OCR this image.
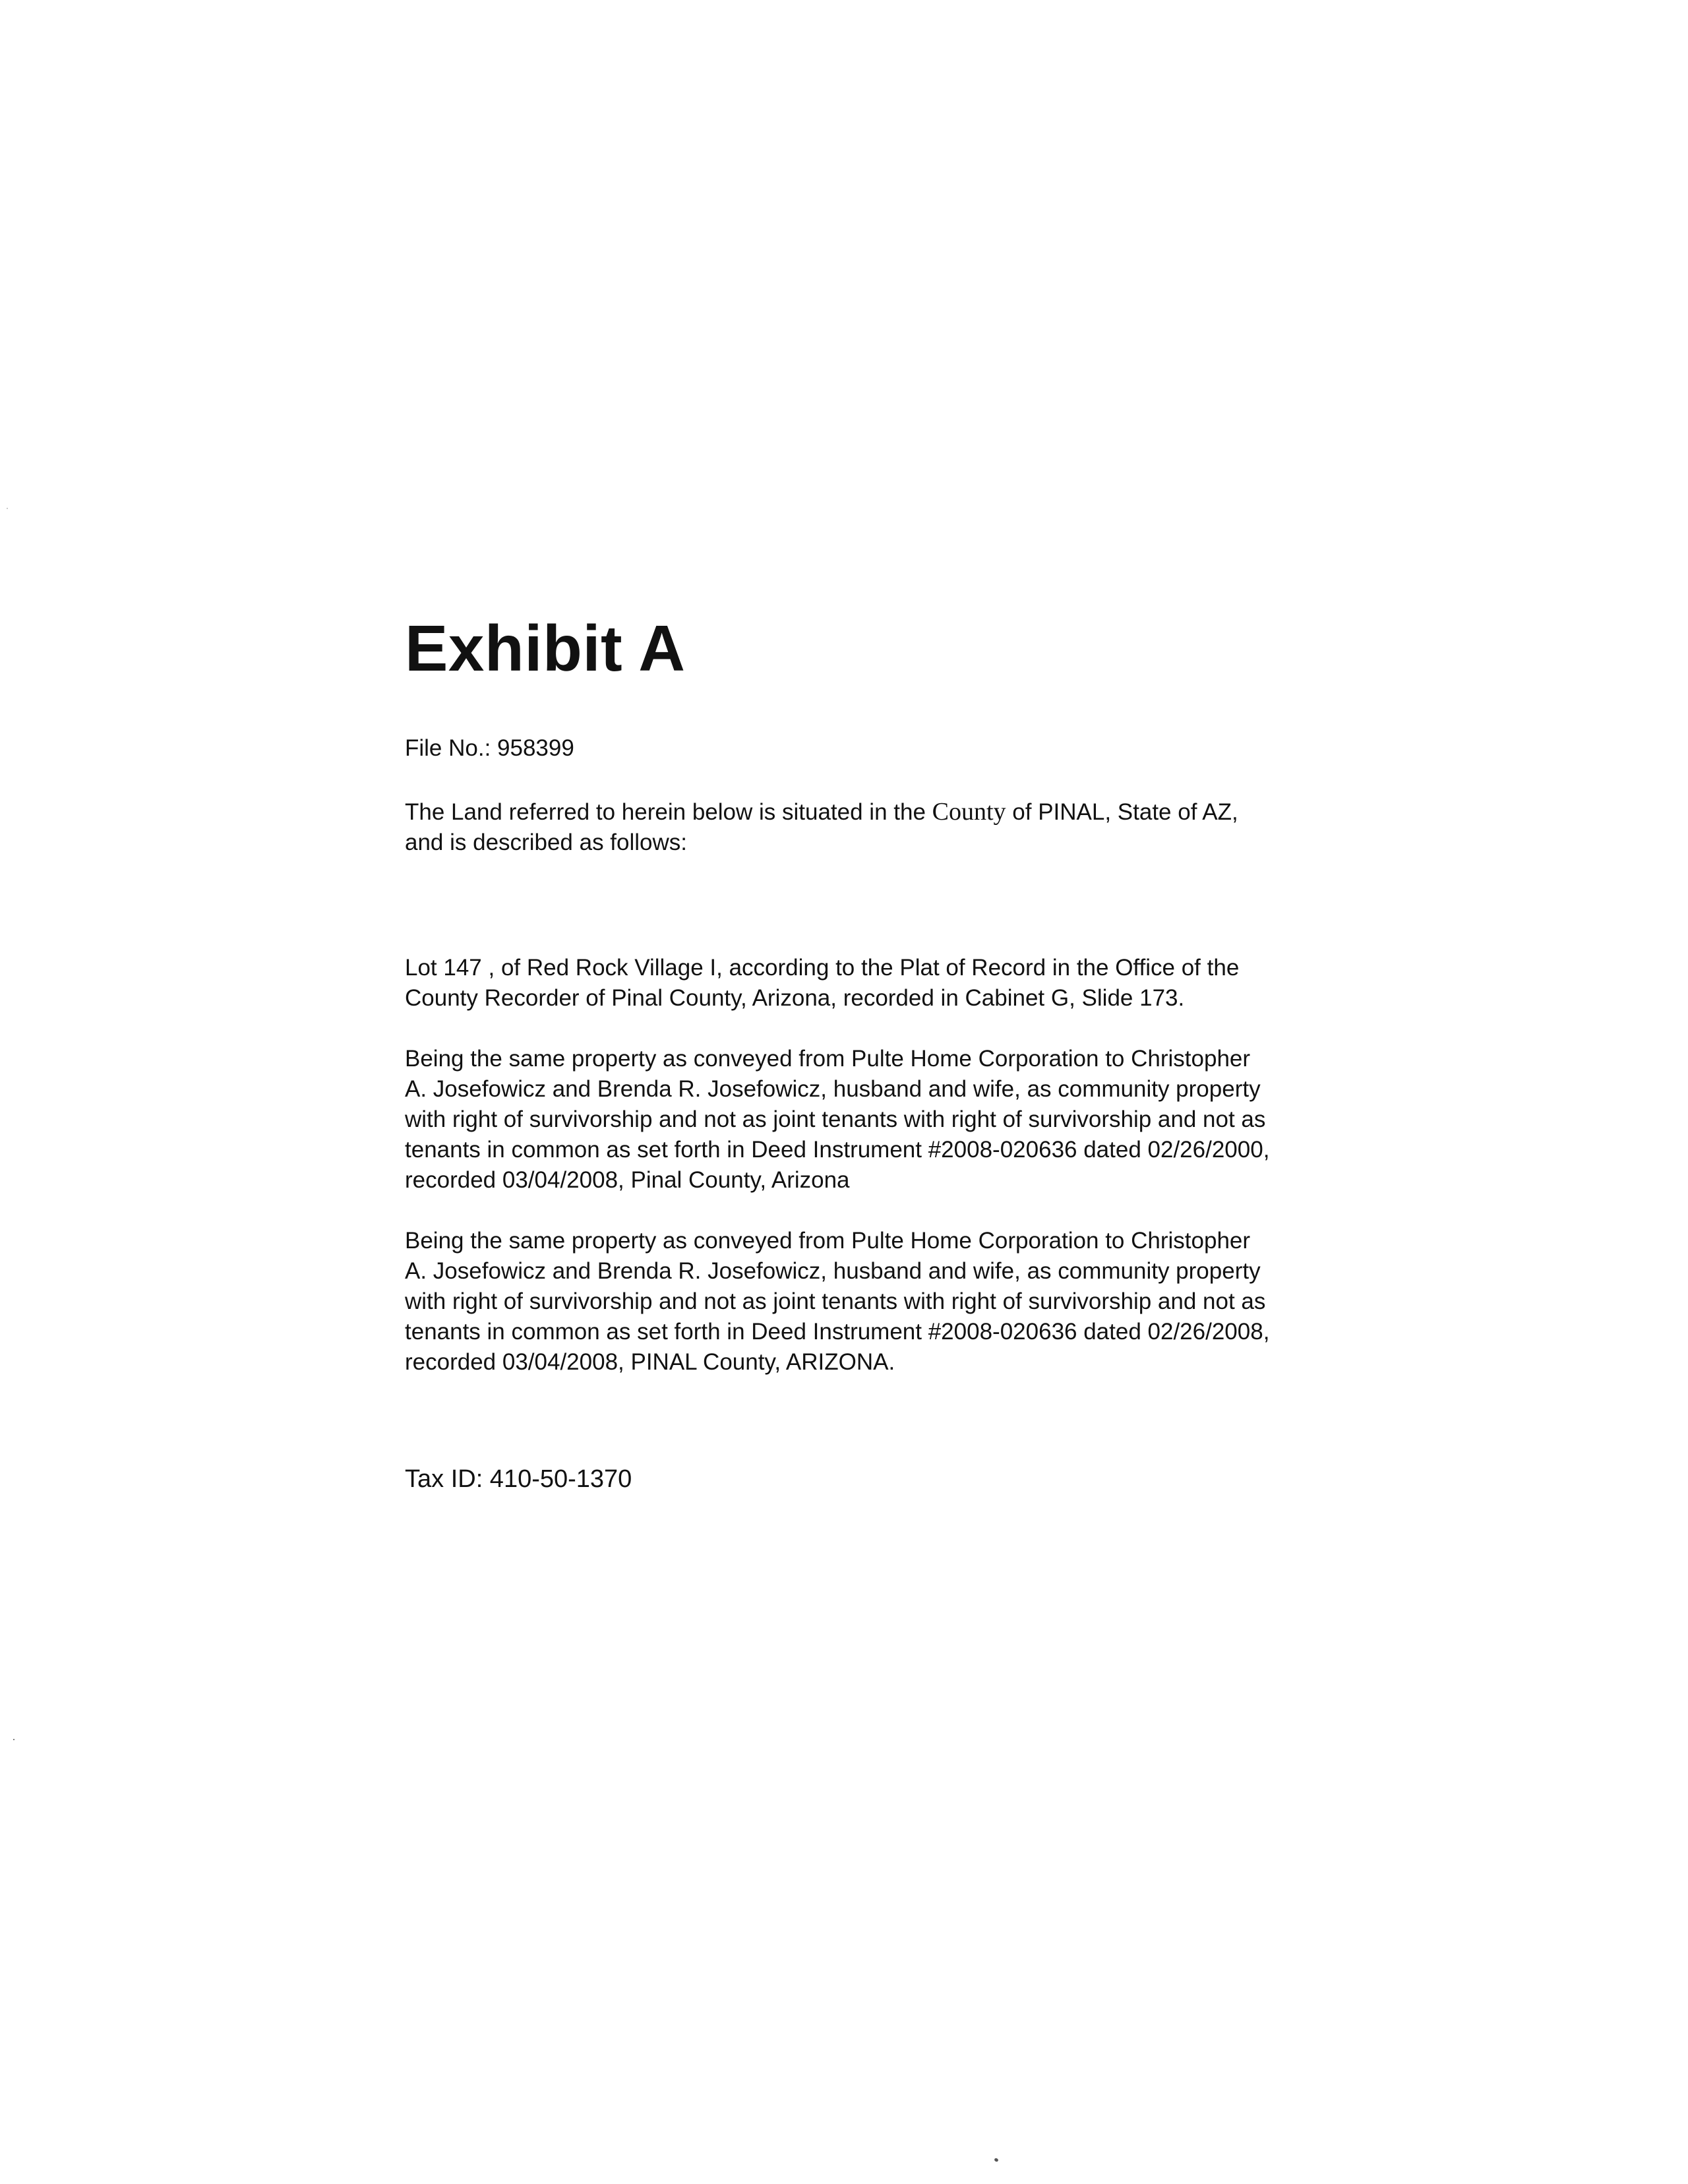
Exhibit A

File No.: 958399

The Land referred to herein below is situated in the County of PINAL, State of AZ, and is described as follows:

Lot 147 , of Red Rock Village I, according to the Plat of Record in the Office of the County Recorder of Pinal County, Arizona, recorded in Cabinet G, Slide 173.

Being the same property as conveyed from Pulte Home Corporation to Christopher A. Josefowicz and Brenda R. Josefowicz, husband and wife, as community property with right of survivorship and not as joint tenants with right of survivorship and not as tenants in common as set forth in Deed Instrument #2008-020636 dated 02/26/2000, recorded 03/04/2008, Pinal County, Arizona

Being the same property as conveyed from Pulte Home Corporation to Christopher A. Josefowicz and Brenda R. Josefowicz, husband and wife, as community property with right of survivorship and not as joint tenants with right of survivorship and not as tenants in common as set forth in Deed Instrument #2008-020636 dated 02/26/2008, recorded 03/04/2008, PINAL County, ARIZONA.

Tax ID: 410-50-1370
